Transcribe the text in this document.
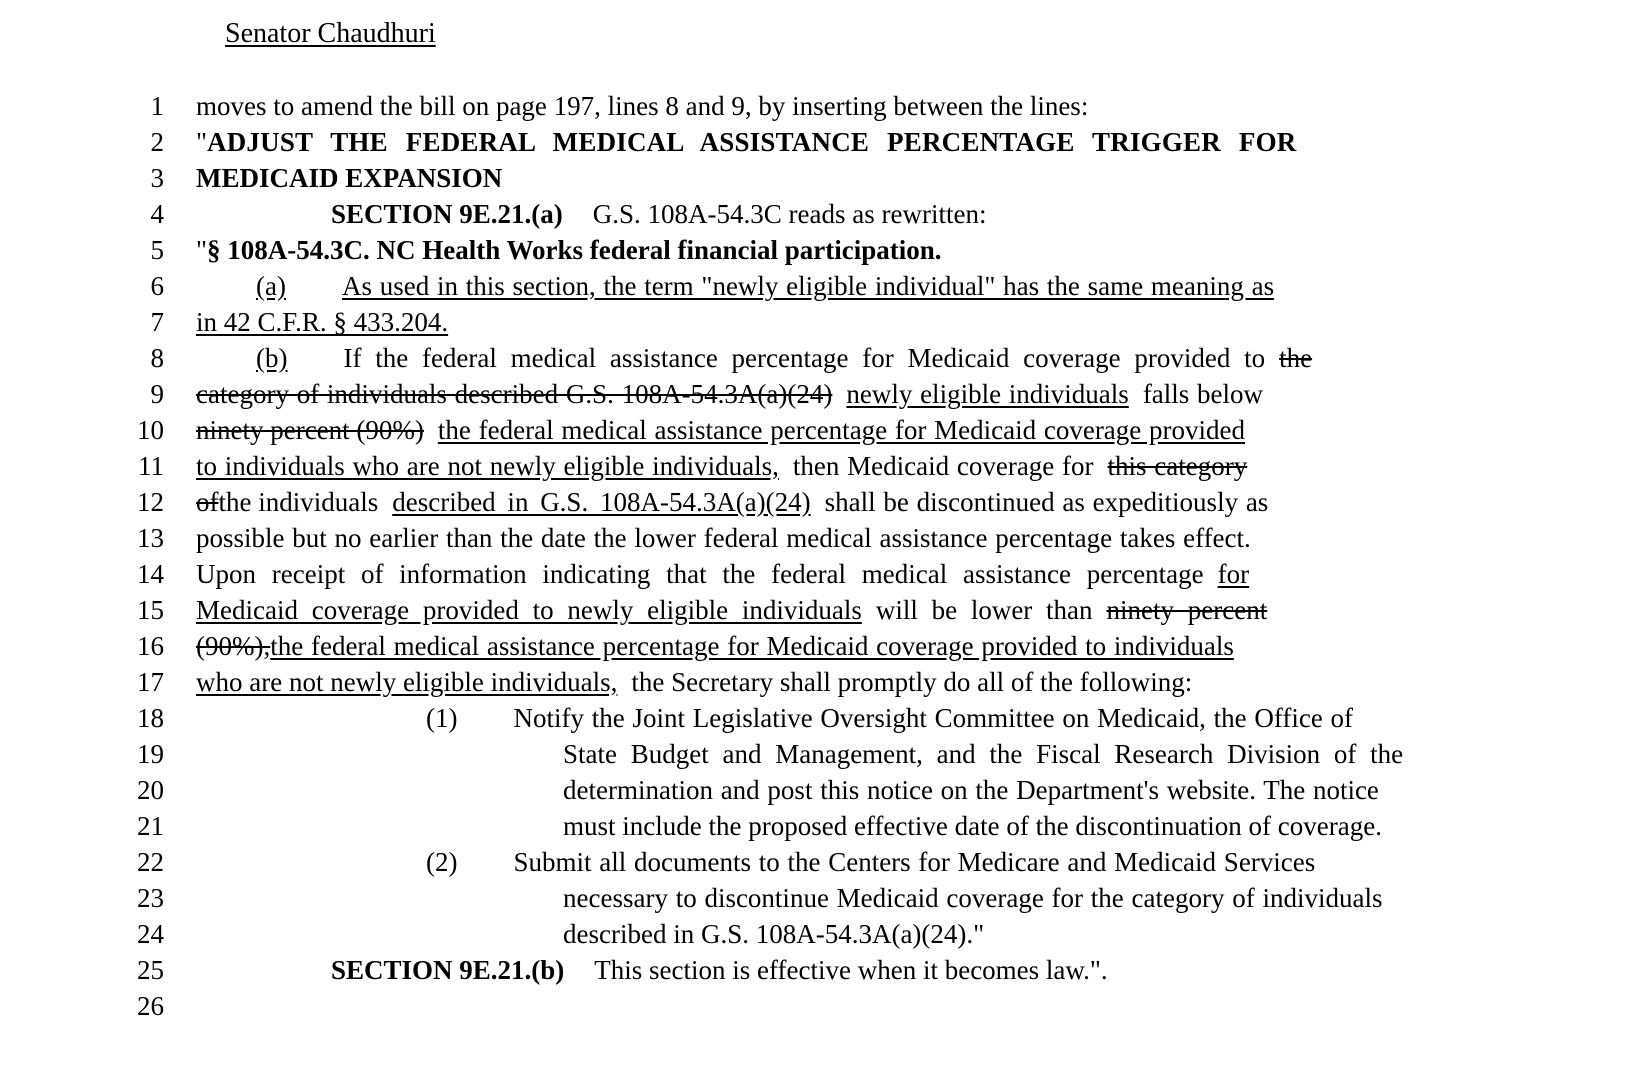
Senator Chaudhuri
1	moves to amend the bill on page 197, lines 8 and 9, by inserting between the lines:
2	"ADJUST THE FEDERAL MEDICAL ASSISTANCE PERCENTAGE TRIGGER FOR
3	MEDICAID EXPANSION
4	SECTION 9E.21.(a) G.S. 108A-54.3C reads as rewritten:
5	"§ 108A-54.3C. NC Health Works federal financial participation.
6	(a) As used in this section, the term "newly eligible individual" has the same meaning as
7	in 42 C.F.R. § 433.204.
8	(b) If the federal medical assistance percentage for Medicaid coverage provided to the
9	category of individuals described G.S. 108A-54.3A(a)(24) newly eligible individuals falls below
10	ninety percent (90%) the federal medical assistance percentage for Medicaid coverage provided
11	to individuals who are not newly eligible individuals, then Medicaid coverage for this category
12	ofthe individuals described in G.S. 108A-54.3A(a)(24) shall be discontinued as expeditiously as
13	possible but no earlier than the date the lower federal medical assistance percentage takes effect.
14	Upon receipt of information indicating that the federal medical assistance percentage for
15	Medicaid coverage provided to newly eligible individuals will be lower than ninety percent
16	(90%),the federal medical assistance percentage for Medicaid coverage provided to individuals
17	who are not newly eligible individuals, the Secretary shall promptly do all of the following:
18	(1) Notify the Joint Legislative Oversight Committee on Medicaid, the Office of
19	State Budget and Management, and the Fiscal Research Division of the
20	determination and post this notice on the Department's website. The notice
21	must include the proposed effective date of the discontinuation of coverage.
22	(2) Submit all documents to the Centers for Medicare and Medicaid Services
23	necessary to discontinue Medicaid coverage for the category of individuals
24	described in G.S. 108A-54.3A(a)(24)."
25	SECTION 9E.21.(b) This section is effective when it becomes law.".
26
